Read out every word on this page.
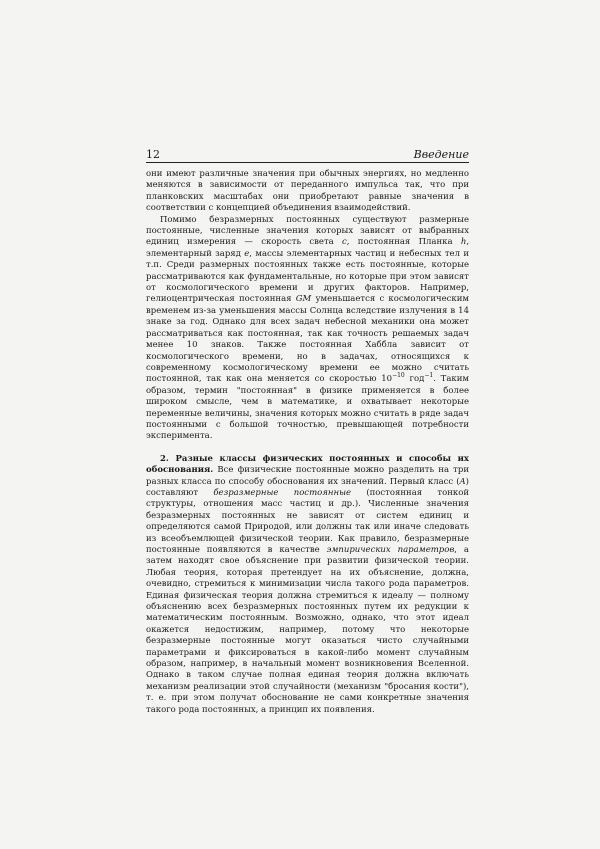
12	Введение

они имеют различные значения при обычных энергиях, но медленно меняются в зависимости от переданного импульса так, что при планковских масштабах они приобретают равные значения в соответствии с концепцией объединения взаимодействий.

Помимо безразмерных постоянных существуют размерные постоянные, численные значения которых зависят от выбранных единиц измерения — скорость света c, постоянная Планка h, элементарный заряд e, массы элементарных частиц и небесных тел и т.п. Среди размерных постоянных также есть постоянные, которые рассматриваются как фундаментальные, но которые при этом зависят от космологического времени и других факторов. Например, гелиоцентрическая постоянная GM уменьшается с космологическим временем из-за уменьшения массы Солнца вследствие излучения в 14 знаке за год. Однако для всех задач небесной механики она может рассматриваться как постоянная, так как точность решаемых задач менее 10 знаков. Также постоянная Хаббла зависит от космологического времени, но в задачах, относящихся к современному космологическому времени ее можно считать постоянной, так как она меняется со скоростью $10^{-10}$ год$^{-1}$. Таким образом, термин "постоянная" в физике применяется в более широком смысле, чем в математике, и охватывает некоторые переменные величины, значения которых можно считать в ряде задач постоянными с большой точностью, превышающей потребности эксперимента.

2. Разные классы физических постоянных и способы их обоснования. Все физические постоянные можно разделить на три разных класса по способу обоснования их значений. Первый класс (A) составляют безразмерные постоянные (постоянная тонкой структуры, отношения масс частиц и др.). Численные значения безразмерных постоянных не зависят от систем единиц и определяются самой Природой, или должны так или иначе следовать из всеобъемлющей физической теории. Как правило, безразмерные постоянные появляются в качестве эмпирических параметров, а затем находят свое объяснение при развитии физической теории. Любая теория, которая претендует на их объяснение, должна, очевидно, стремиться к минимизации числа такого рода параметров. Единая физическая теория должна стремиться к идеалу — полному объяснению всех безразмерных постоянных путем их редукции к математическим постоянным. Возможно, однако, что этот идеал окажется недостижим, например, потому что некоторые безразмерные постоянные могут оказаться чисто случайными параметрами и фиксироваться в какой-либо момент случайным образом, например, в начальный момент возникновения Вселенной. Однако в таком случае полная единая теория должна включать механизм реализации этой случайности (механизм "бросания кости"), т. е. при этом получат обоснование не сами конкретные значения такого рода постоянных, а принцип их появления.
